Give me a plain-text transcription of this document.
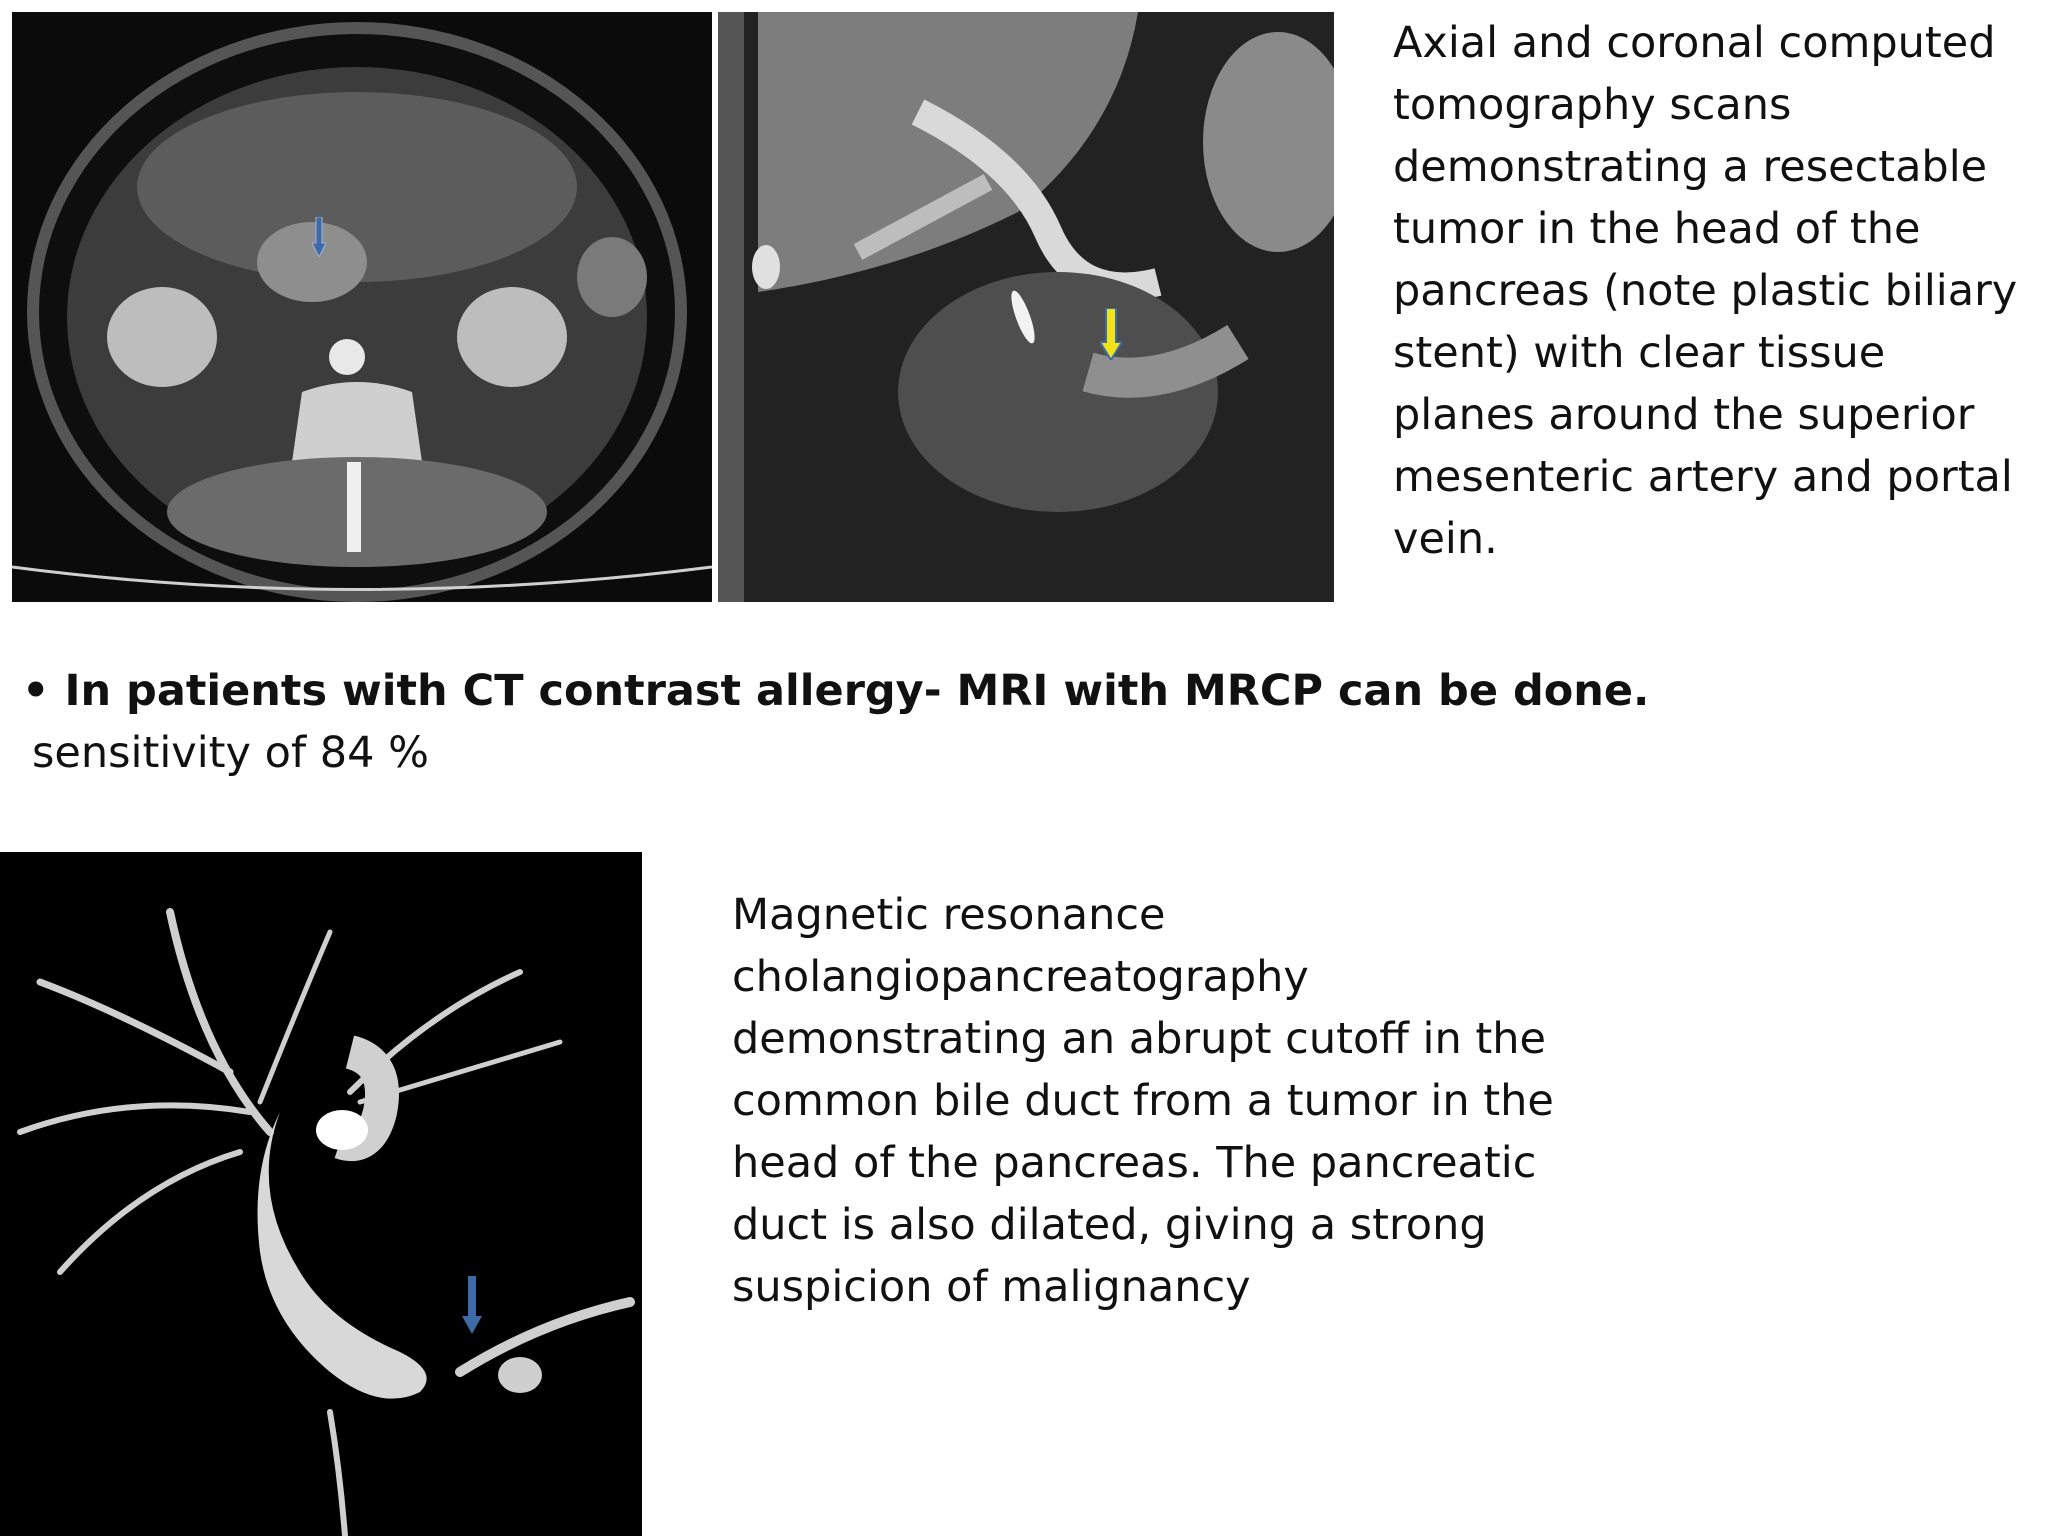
Axial and coronal computed tomography scans demonstrating a resectable tumor in the head of the pancreas (note plastic biliary stent) with clear tissue planes around the superior mesenteric artery and portal vein.

• In patients with CT contrast allergy- MRI with MRCP can be done.

sensitivity of 84 %

Magnetic resonance cholangiopancreatography demonstrating an abrupt cutoff in the common bile duct from a tumor in the head of the pancreas. The pancreatic duct is also dilated, giving a strong suspicion of malignancy
